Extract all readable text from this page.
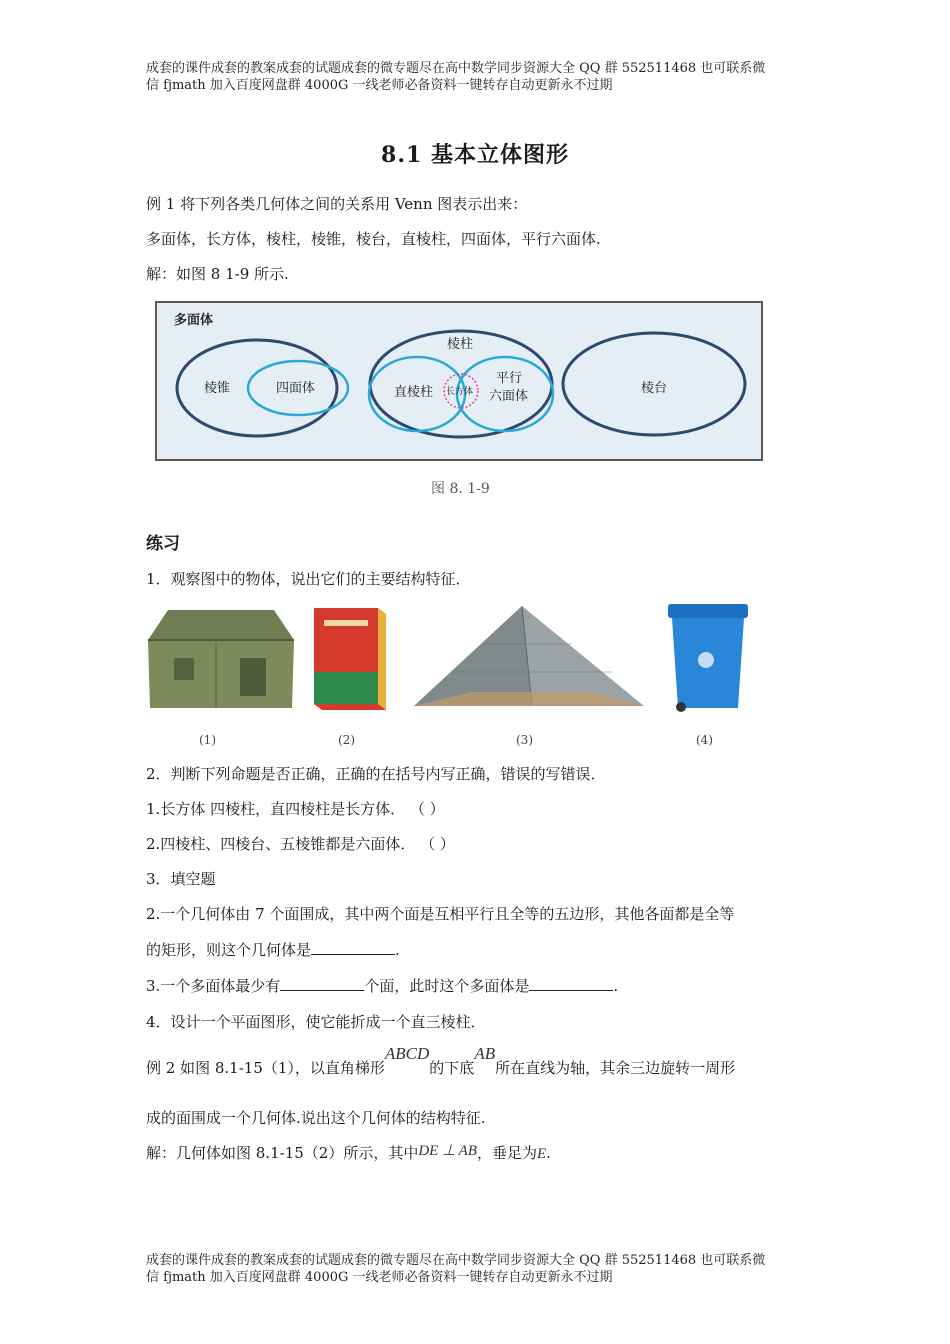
成套的课件成套的教案成套的试题成套的微专题尽在高中数学同步资源大全 QQ 群 552511468 也可联系微
信 fjmath 加入百度网盘群 4000G 一线老师必备资料一键转存自动更新永不过期
8.1 基本立体图形
例 1 将下列各类几何体之间的关系用 Venn 图表示出来：
多面体，长方体，棱柱，棱锥，棱台，直棱柱，四面体，平行六面体.
解：如图 8 1-9 所示.
多面体
棱锥	四面体
棱柱
直棱柱 长方体
平行
六面体
棱台
图 8. 1-9
练习
1．观察图中的物体，说出它们的主要结构特征．
(1)	(2)	(3)	(4)
2．判断下列命题是否正确，正确的在括号内写正确，错误的写错误．
1.长方体 四棱柱，直四棱柱是长方体． （ ）
2.四棱柱、四棱台、五棱锥都是六面体． （ ）
3．填空题
2.一个几何体由 7 个面围成，其中两个面是互相平行且全等的五边形，其他各面都是全等
的矩形，则这个几何体是	.
3.一个多面体最少有	个面，此时这个多面体是	.
4．设计一个平面图形，使它能折成一个直三棱柱．
例 2 如图 8.1-15（1），以直角梯形ABCD的下底AB所在直线为轴，其余三边旋转一周形
成的面围成一个几何体.说出这个几何体的结构特征.
解：几何体如图 8.1-15（2）所示，其中DE ⊥ AB，垂足为E.
成套的课件成套的教案成套的试题成套的微专题尽在高中数学同步资源大全 QQ 群 552511468 也可联系微
信 fjmath 加入百度网盘群 4000G 一线老师必备资料一键转存自动更新永不过期
